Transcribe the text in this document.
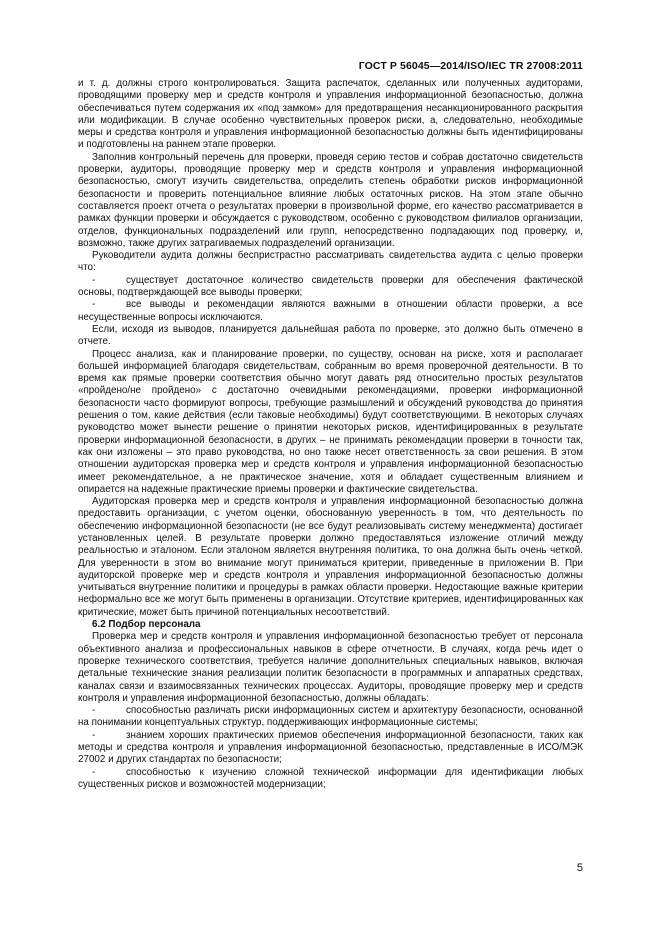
ГОСТ Р 56045—2014/ISO/IEC TR 27008:2011

и т. д. должны строго контролироваться. Защита распечаток, сделанных или полученных аудиторами, проводящими проверку мер и средств контроля и управления информационной безопасностью, должна обеспечиваться путем содержания их «под замком» для предотвращения несанкционированного раскрытия или модификации. В случае особенно чувствительных проверок риски, а, следовательно, необходимые меры и средства контроля и управления информационной безопасностью должны быть идентифицированы и подготовлены на раннем этапе проверки.

Заполнив контрольный перечень для проверки, проведя серию тестов и собрав достаточно свидетельств проверки, аудиторы, проводящие проверку мер и средств контроля и управления информационной безопасностью, смогут изучить свидетельства, определить степень обработки рисков информационной безопасности и проверить потенциальное влияние любых остаточных рисков. На этом этапе обычно составляется проект отчета о результатах проверки в произвольной форме, его качество рассматривается в рамках функции проверки и обсуждается с руководством, особенно с руководством филиалов организации, отделов, функциональных подразделений или групп, непосредственно подпадающих под проверку, и, возможно, также других затрагиваемых подразделений организации.

Руководители аудита должны беспристрастно рассматривать свидетельства аудита с целью проверки что:

-	существует достаточное количество свидетельств проверки для обеспечения фактической основы, подтверждающей все выводы проверки;

-	все выводы и рекомендации являются важными в отношении области проверки, а все несущественные вопросы исключаются.

Если, исходя из выводов, планируется дальнейшая работа по проверке, это должно быть отмечено в отчете.

Процесс анализа, как и планирование проверки, по существу, основан на риске, хотя и располагает большей информацией благодаря свидетельствам, собранным во время проверочной деятельности. В то время как прямые проверки соответствия обычно могут давать ряд относительно простых результатов «пройдено/не пройдено» с достаточно очевидными рекомендациями, проверки информационной безопасности часто формируют вопросы, требующие размышлений и обсуждений руководства до принятия решения о том, какие действия (если таковые необходимы) будут соответствующими. В некоторых случаях руководство может вынести решение о принятии некоторых рисков, идентифицированных в результате проверки информационной безопасности, в других – не принимать рекомендации проверки в точности так, как они изложены – это право руководства, но оно также несет ответственность за свои решения. В этом отношении аудиторская проверка мер и средств контроля и управления информационной безопасностью имеет рекомендательное, а не практическое значение, хотя и обладает существенным влиянием и опирается на надежные практические приемы проверки и фактические свидетельства.

Аудиторская проверка мер и средств контроля и управления информационной безопасностью должна предоставить организации, с учетом оценки, обоснованную уверенность в том, что деятельность по обеспечению информационной безопасности (не все будут реализовывать систему менеджмента) достигает установленных целей. В результате проверки должно предоставляться изложение отличий между реальностью и эталоном. Если эталоном является внутренняя политика, то она должна быть очень четкой. Для уверенности в этом во внимание могут приниматься критерии, приведенные в приложении В. При аудиторской проверке мер и средств контроля и управления информационной безопасностью должны учитываться внутренние политики и процедуры в рамках области проверки. Недостающие важные критерии неформально все же могут быть применены в организации. Отсутствие критериев, идентифицированных как критические, может быть причиной потенциальных несоответствий.

6.2 Подбор персонала

Проверка мер и средств контроля и управления информационной безопасностью требует от персонала объективного анализа и профессиональных навыков в сфере отчетности. В случаях, когда речь идет о проверке технического соответствия, требуется наличие дополнительных специальных навыков, включая детальные технические знания реализации политик безопасности в программных и аппаратных средствах, каналах связи и взаимосвязанных технических процессах. Аудиторы, проводящие проверку мер и средств контроля и управления информационной безопасностью, должны обладать:

-	способностью различать риски информационных систем и архитектуру безопасности, основанной на понимании концептуальных структур, поддерживающих информационные системы;

-	знанием хороших практических приемов обеспечения информационной безопасности, таких как методы и средства контроля и управления информационной безопасностью, представленные в ИСО/МЭК 27002 и других стандартах по безопасности;

-	способностью к изучению сложной технической информации для идентификации любых существенных рисков и возможностей модернизации;

5
